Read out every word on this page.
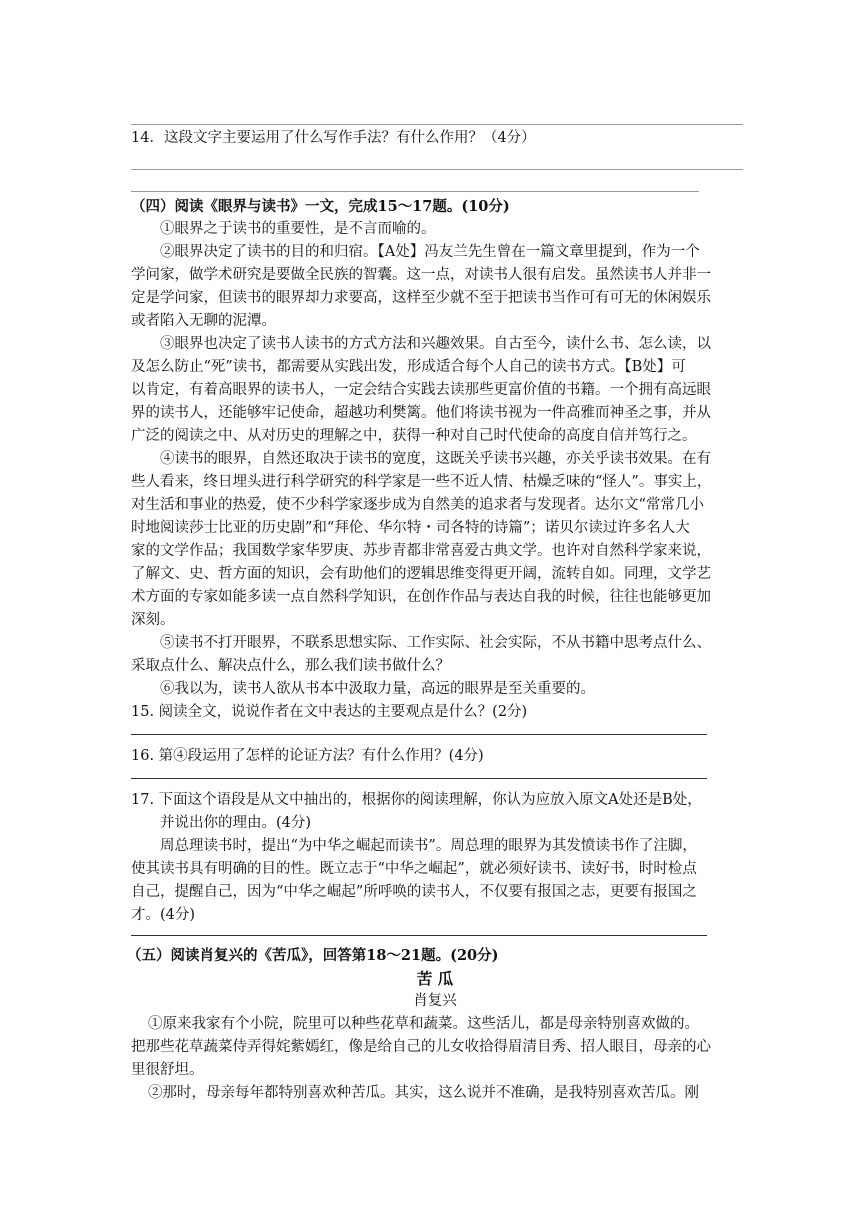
14．这段文字主要运用了什么写作手法？有什么作用？（4分）
（四）阅读《眼界与读书》一文，完成15～17题。(10分)
①眼界之于读书的重要性，是不言而喻的。
②眼界决定了读书的目的和归宿。【A处】冯友兰先生曾在一篇文章里提到，作为一个
学问家，做学术研究是要做全民族的智囊。这一点，对读书人很有启发。虽然读书人并非一
定是学问家，但读书的眼界却力求要高，这样至少就不至于把读书当作可有可无的休闲娱乐
或者陷入无聊的泥潭。
③眼界也决定了读书人读书的方式方法和兴趣效果。自古至今，读什么书、怎么读，以
及怎么防止“死”读书，都需要从实践出发，形成适合每个人自己的读书方式。【B处】可
以肯定，有着高眼界的读书人，一定会结合实践去读那些更富价值的书籍。一个拥有高远眼
界的读书人，还能够牢记使命，超越功利樊篱。他们将读书视为一件高雅而神圣之事，并从
广泛的阅读之中、从对历史的理解之中，获得一种对自己时代使命的高度自信并笃行之。
④读书的眼界，自然还取决于读书的宽度，这既关乎读书兴趣，亦关乎读书效果。在有
些人看来，终日埋头进行科学研究的科学家是一些不近人情、枯燥乏味的“怪人”。事实上，
对生活和事业的热爱，使不少科学家逐步成为自然美的追求者与发现者。达尔文“常常几小
时地阅读莎士比亚的历史剧”和“拜伦、华尔特・司各特的诗篇”；诺贝尔读过许多名人大
家的文学作品；我国数学家华罗庚、苏步青都非常喜爱古典文学。也许对自然科学家来说，
了解文、史、哲方面的知识，会有助他们的逻辑思维变得更开阔，流转自如。同理，文学艺
术方面的专家如能多读一点自然科学知识，在创作作品与表达自我的时候，往往也能够更加
深刻。
⑤读书不打开眼界，不联系思想实际、工作实际、社会实际，不从书籍中思考点什么、
采取点什么、解决点什么，那么我们读书做什么？
⑥我以为，读书人欲从书本中汲取力量，高远的眼界是至关重要的。
15. 阅读全文，说说作者在文中表达的主要观点是什么？(2分)
16. 第④段运用了怎样的论证方法？有什么作用？(4分)
17. 下面这个语段是从文中抽出的，根据你的阅读理解，你认为应放入原文A处还是B处，
并说出你的理由。(4分)
周总理读书时，提出“为中华之崛起而读书”。周总理的眼界为其发愤读书作了注脚，
使其读书具有明确的目的性。既立志于“中华之崛起”，就必须好读书、读好书，时时检点
自己，提醒自己，因为“中华之崛起”所呼唤的读书人，不仅要有报国之志，更要有报国之
才。(4分)
（五）阅读肖复兴的《苦瓜》，回答第18～21题。(20分)
苦 瓜
肖复兴
①原来我家有个小院，院里可以种些花草和蔬菜。这些活儿，都是母亲特别喜欢做的。
把那些花草蔬菜侍弄得姹紫嫣红，像是给自己的儿女收拾得眉清目秀、招人眼目，母亲的心
里很舒坦。
②那时，母亲每年都特别喜欢种苦瓜。其实，这么说并不准确，是我特别喜欢苦瓜。刚
